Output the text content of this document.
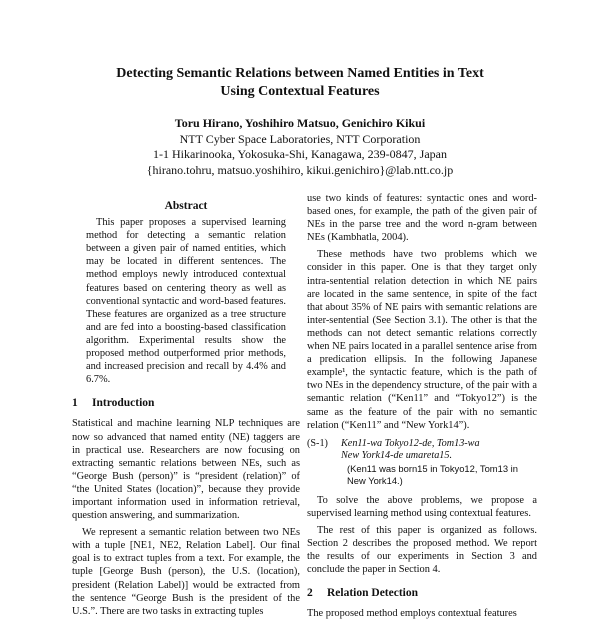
Detecting Semantic Relations between Named Entities in Text
Using Contextual Features
Toru Hirano, Yoshihiro Matsuo, Genichiro Kikui
NTT Cyber Space Laboratories, NTT Corporation
1-1 Hikarinooka, Yokosuka-Shi, Kanagawa, 239-0847, Japan
{hirano.tohru, matsuo.yoshihiro, kikui.genichiro}@lab.ntt.co.jp
Abstract

This paper proposes a supervised learning method for detecting a semantic relation between a given pair of named entities, which may be located in different sentences. The method employs newly introduced contextual features based on centering theory as well as conventional syntactic and word-based features. These features are organized as a tree structure and are fed into a boosting-based classification algorithm. Experimental results show the proposed method outperformed prior methods, and increased precision and recall by 4.4% and 6.7%.

1 Introduction

Statistical and machine learning NLP techniques are now so advanced that named entity (NE) taggers are in practical use. Researchers are now focusing on extracting semantic relations between NEs, such as “George Bush (person)” is “president (relation)” of “the United States (location)”, because they provide important information used in information retrieval, question answering, and summarization.

We represent a semantic relation between two NEs with a tuple [NE1, NE2, Relation Label]. Our final goal is to extract tuples from a text. For example, the tuple [George Bush (person), the U.S. (location), president (Relation Label)] would be extracted from the sentence “George Bush is the president of the U.S.”. There are two tasks in extracting tuples

use two kinds of features: syntactic ones and word-based ones, for example, the path of the given pair of NEs in the parse tree and the word n-gram between NEs (Kambhatla, 2004).

These methods have two problems which we consider in this paper. One is that they target only intra-sentential relation detection in which NE pairs are located in the same sentence, in spite of the fact that about 35% of NE pairs with semantic relations are inter-sentential (See Section 3.1). The other is that the methods can not detect semantic relations correctly when NE pairs located in a parallel sentence arise from a predication ellipsis. In the following Japanese example¹, the syntactic feature, which is the path of two NEs in the dependency structure, of the pair with a semantic relation (“Ken11” and “Tokyo12”) is the same as the feature of the pair with no semantic relation (“Ken11” and “New York14”).

(S-1) Ken11-wa Tokyo12-de, Tom13-wa
New York14-de umareta15.
(Ken11 was born15 in Tokyo12, Tom13 in
New York14.)

To solve the above problems, we propose a supervised learning method using contextual features.

The rest of this paper is organized as follows. Section 2 describes the proposed method. We report the results of our experiments in Section 3 and conclude the paper in Section 4.

2 Relation Detection

The proposed method employs contextual features
